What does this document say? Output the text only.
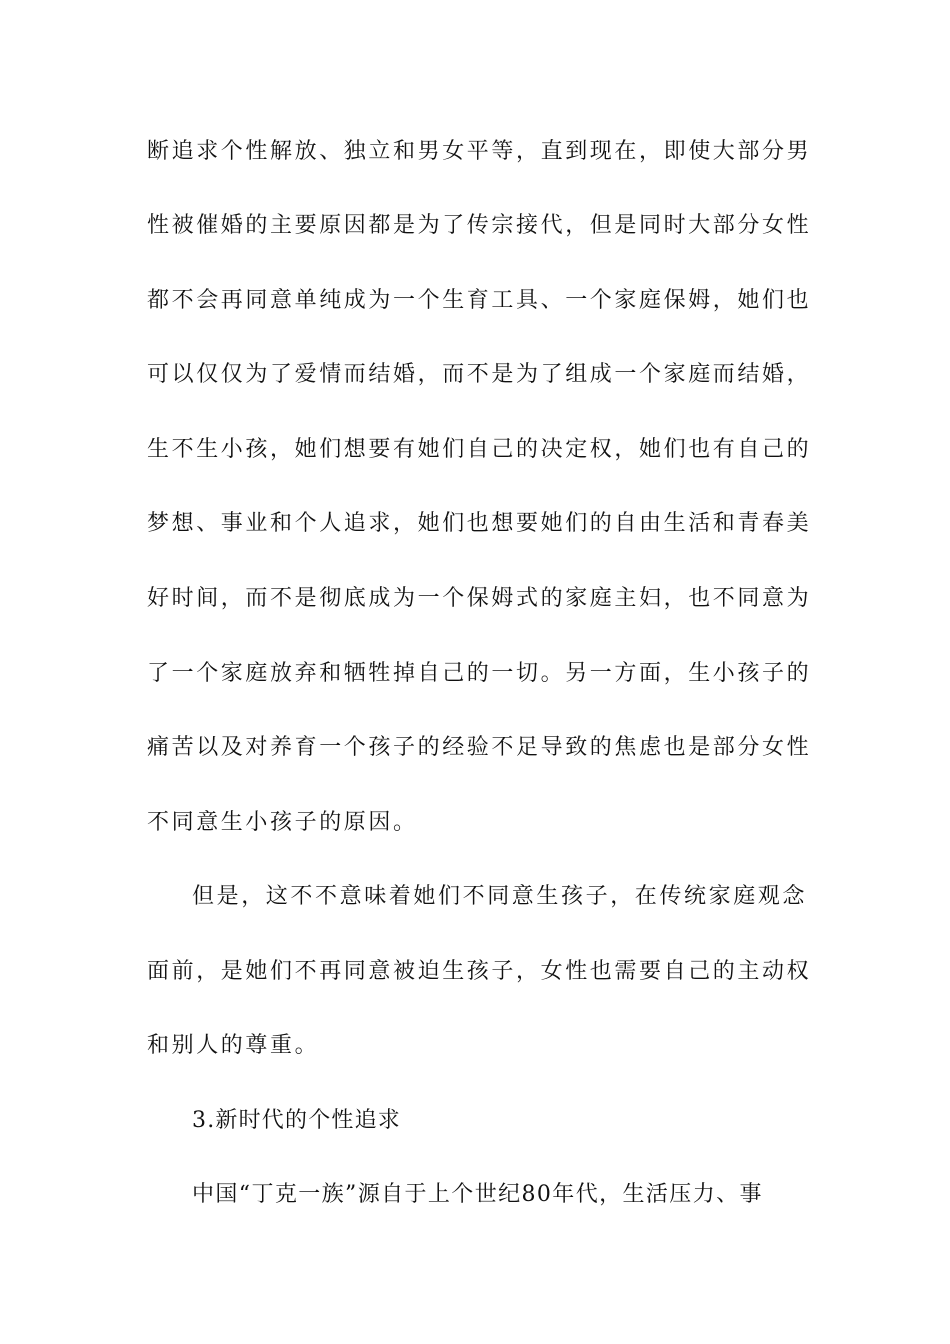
断追求个性解放、独立和男女平等，直到现在，即使大部分男
性被催婚的主要原因都是为了传宗接代，但是同时大部分女性
都不会再同意单纯成为一个生育工具、一个家庭保姆，她们也
可以仅仅为了爱情而结婚，而不是为了组成一个家庭而结婚，
生不生小孩，她们想要有她们自己的决定权，她们也有自己的
梦想、事业和个人追求，她们也想要她们的自由生活和青春美
好时间，而不是彻底成为一个保姆式的家庭主妇，也不同意为
了一个家庭放弃和牺牲掉自己的一切。另一方面，生小孩子的
痛苦以及对养育一个孩子的经验不足导致的焦虑也是部分女性
不同意生小孩子的原因。
但是，这不不意味着她们不同意生孩子，在传统家庭观念
面前，是她们不再同意被迫生孩子，女性也需要自己的主动权
和别人的尊重。
3.新时代的个性追求
中国“丁克一族”源自于上个世纪80年代，生活压力、事
